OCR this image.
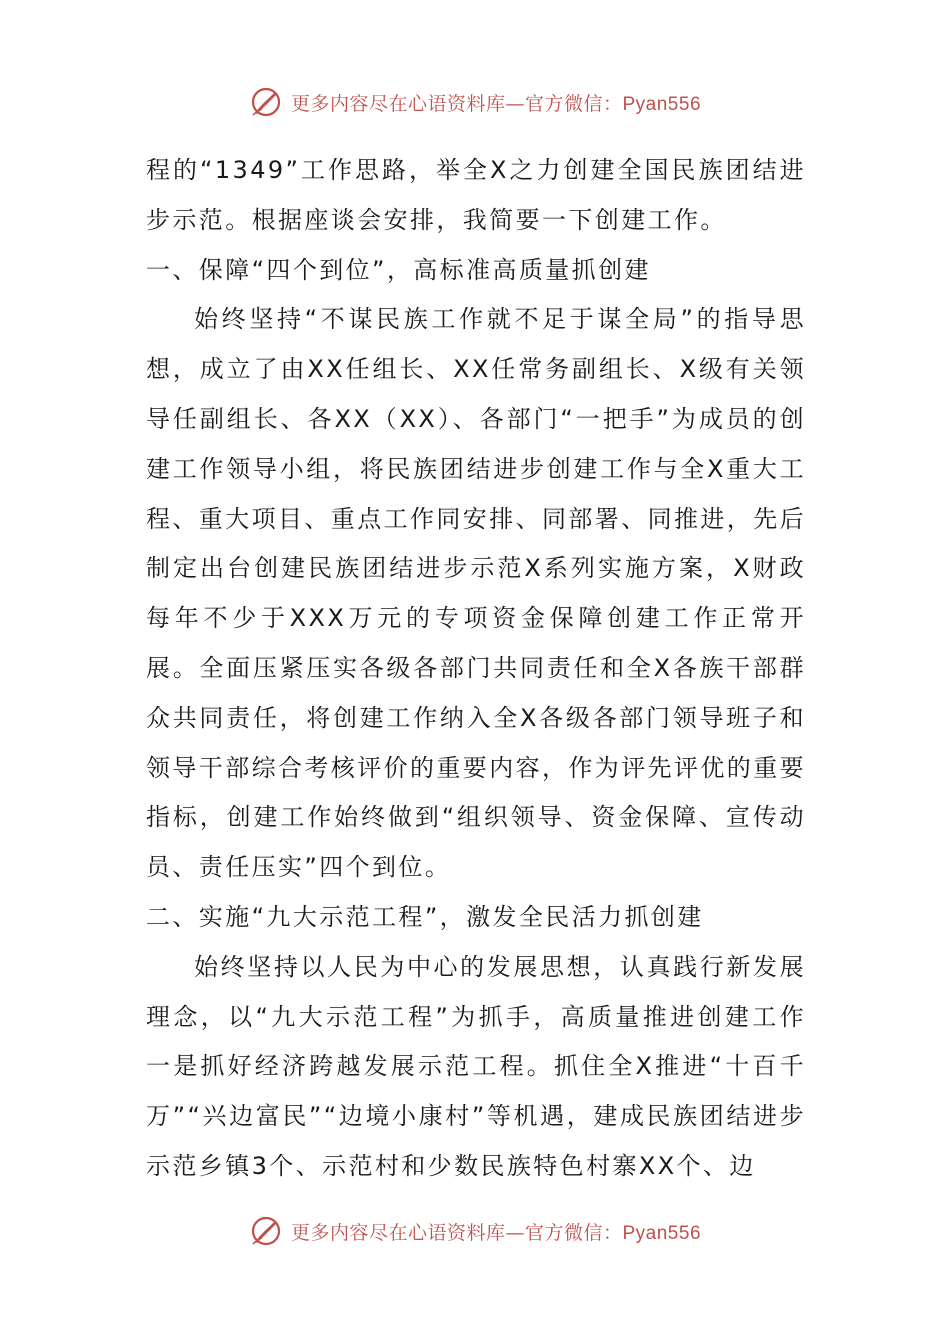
更多内容尽在心语资料库—官方微信：Pyan556

程的“1349”工作思路，举全X之力创建全国民族团结进步示范。根据座谈会安排，我简要一下创建工作。

一、保障“四个到位”，高标准高质量抓创建

始终坚持“不谋民族工作就不足于谋全局”的指导思想，成立了由XX任组长、XX任常务副组长、X级有关领导任副组长、各XX（XX）、各部门“一把手”为成员的创建工作领导小组，将民族团结进步创建工作与全X重大工程、重大项目、重点工作同安排、同部署、同推进，先后制定出台创建民族团结进步示范X系列实施方案，X财政每年不少于XXX万元的专项资金保障创建工作正常开展。全面压紧压实各级各部门共同责任和全X各族干部群众共同责任，将创建工作纳入全X各级各部门领导班子和领导干部综合考核评价的重要内容，作为评先评优的重要指标，创建工作始终做到“组织领导、资金保障、宣传动员、责任压实”四个到位。

二、实施“九大示范工程”，激发全民活力抓创建

始终坚持以人民为中心的发展思想，认真践行新发展理念，以“九大示范工程”为抓手，高质量推进创建工作一是抓好经济跨越发展示范工程。抓住全X推进“十百千万”“兴边富民”“边境小康村”等机遇，建成民族团结进步示范乡镇3个、示范村和少数民族特色村寨XX个、边

更多内容尽在心语资料库—官方微信：Pyan556
